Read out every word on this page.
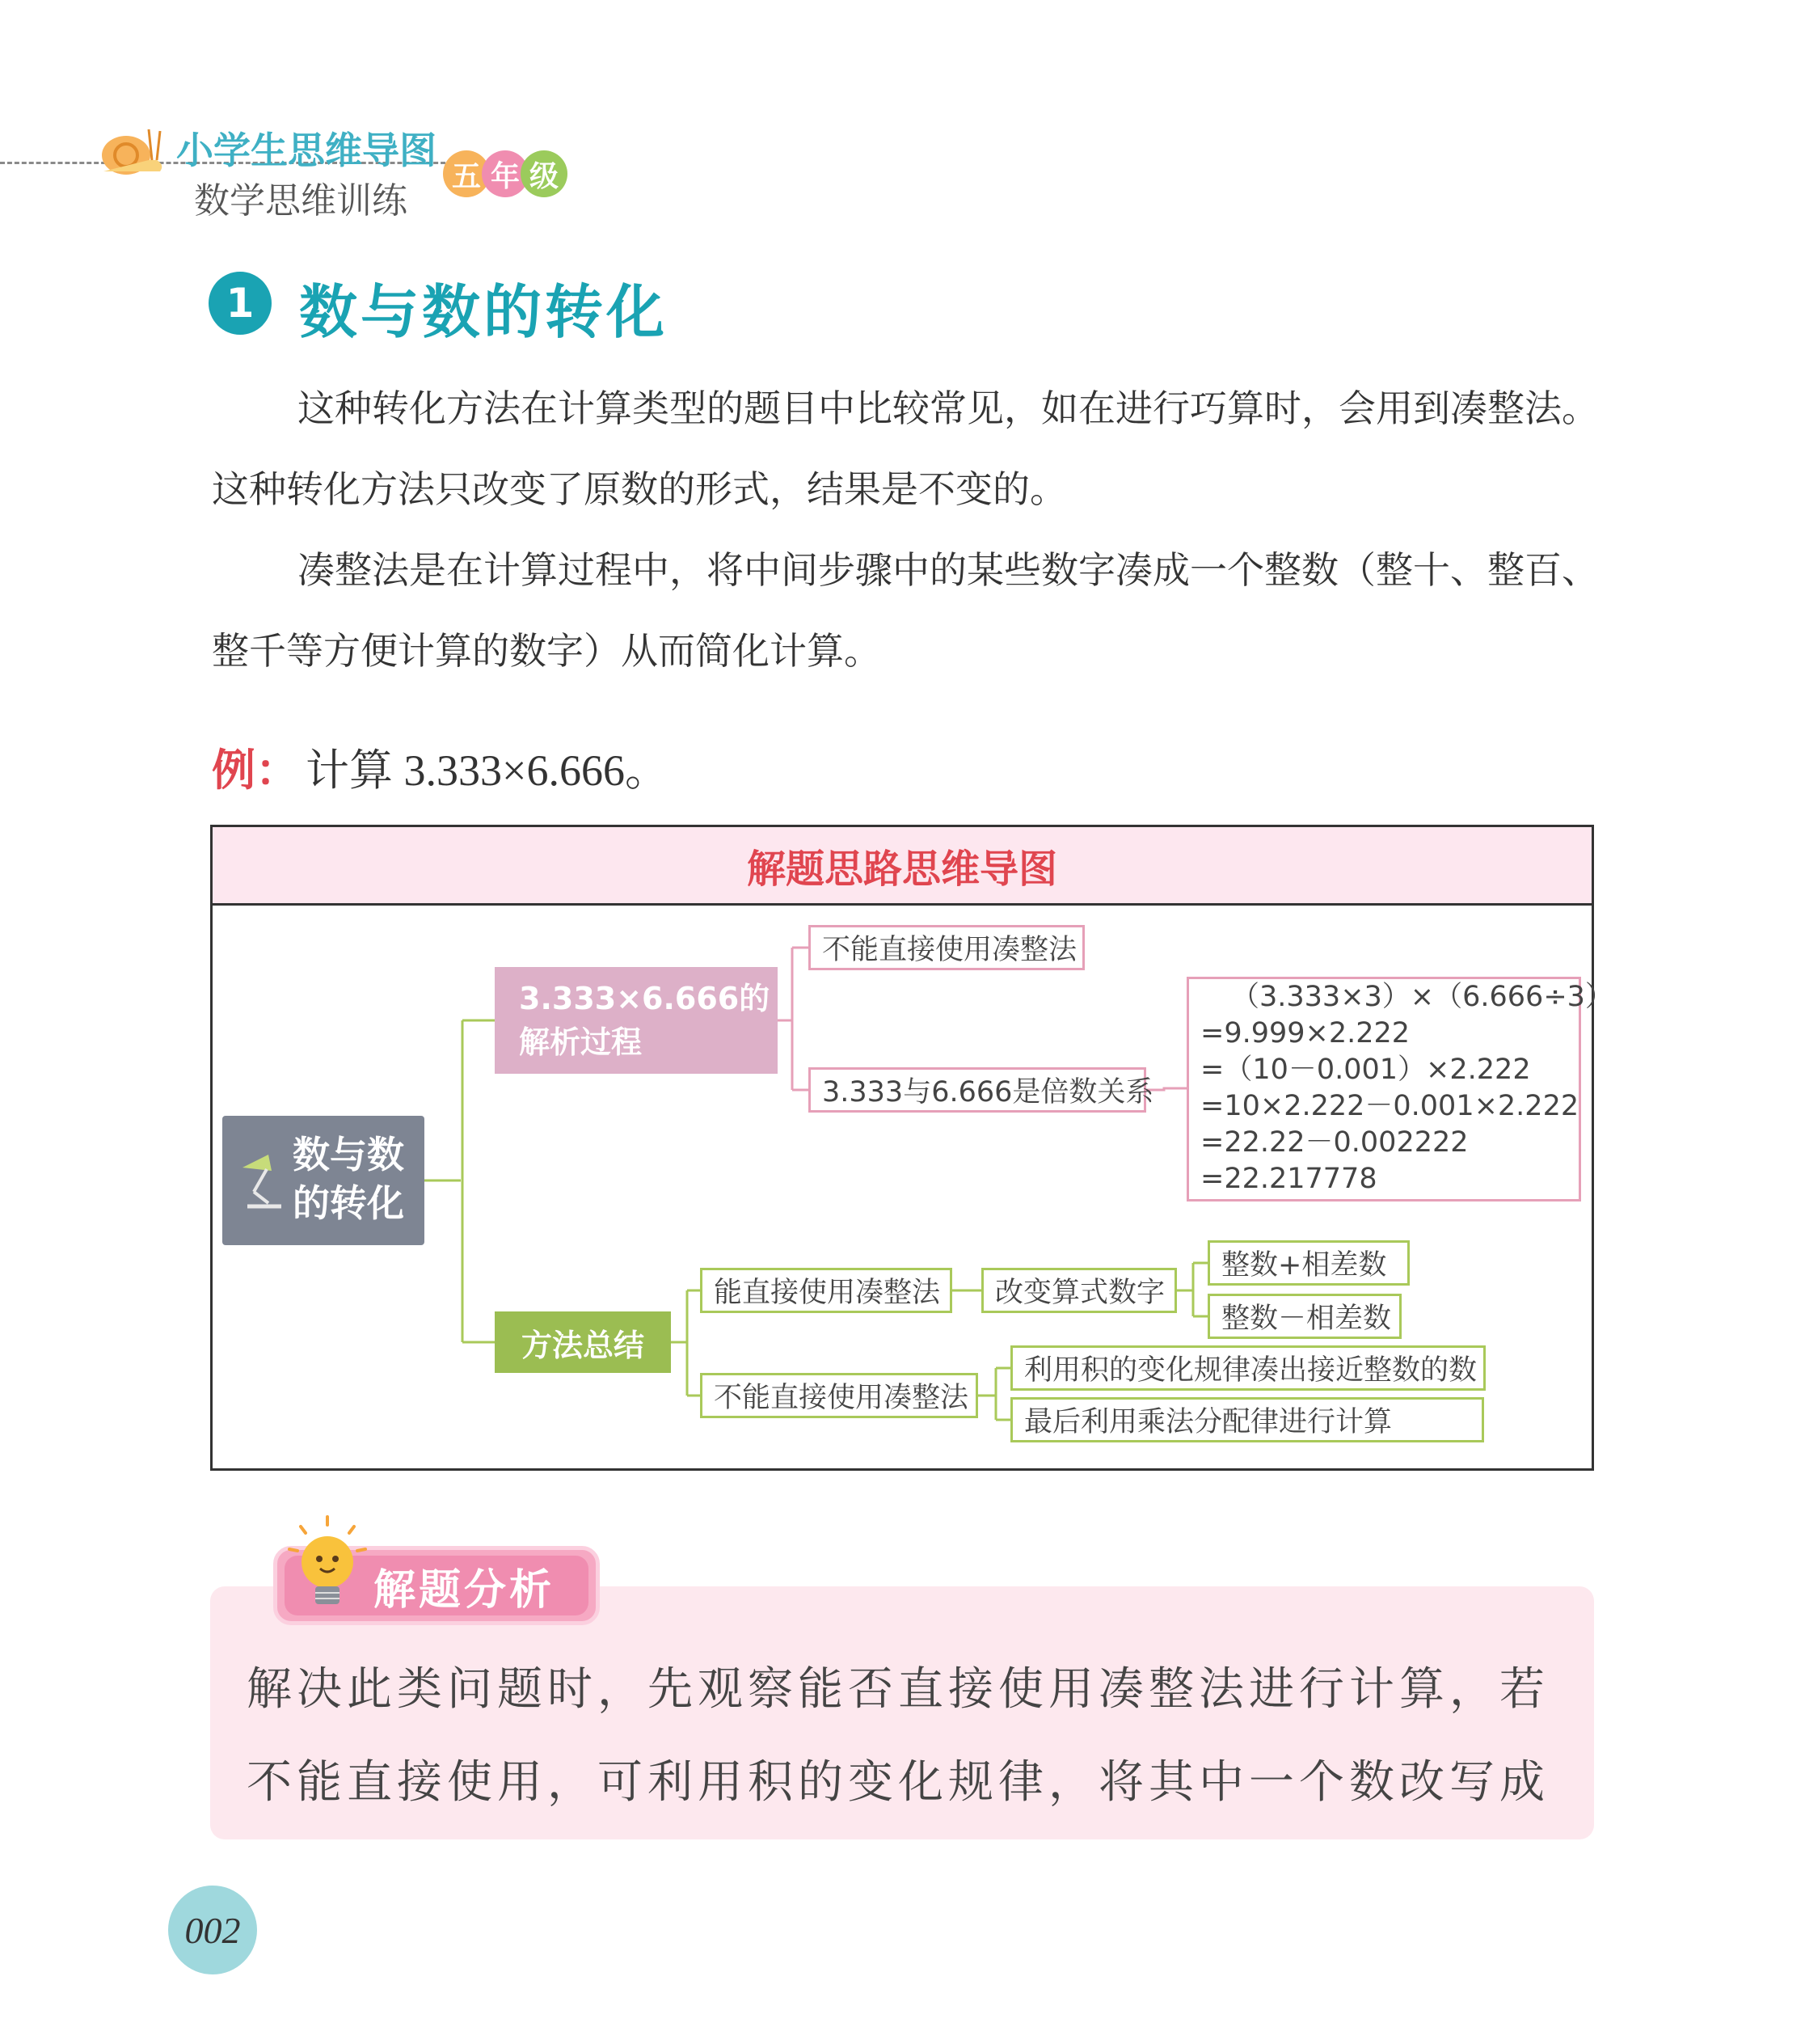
小学生思维导图
数学思维训练
五 年 级
1 数与数的转化
这种转化方法在计算类型的题目中比较常见，如在进行巧算时，会用到凑整法。这种转化方法只改变了原数的形式，结果是不变的。
凑整法是在计算过程中，将中间步骤中的某些数字凑成一个整数（整十、整百、整千等方便计算的数字）从而简化计算。
例： 计算 3.333×6.666。
解题思路思维导图
数与数的转化
3.333×6.666的解析过程
不能直接使用凑整法
3.333与6.666是倍数关系
（3.333×3）×（6.666÷3）
=9.999×2.222
=（10－0.001）×2.222
=10×2.222－0.001×2.222
=22.22－0.002222
=22.217778
方法总结
能直接使用凑整法	改变算式数字
整数+相差数
整数－相差数
不能直接使用凑整法
利用积的变化规律凑出接近整数的数
最后利用乘法分配律进行计算
解题分析
解决此类问题时，先观察能否直接使用凑整法进行计算，若
不能直接使用，可利用积的变化规律，将其中一个数改写成
002
